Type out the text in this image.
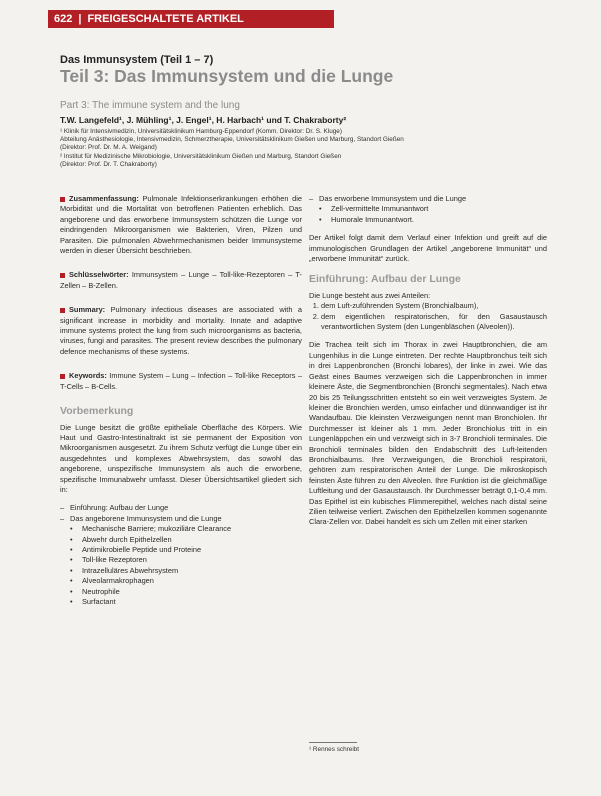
622 | FREIGESCHALTETE ARTIKEL
Das Immunsystem (Teil 1 – 7)
Teil 3: Das Immunsystem und die Lunge
Part 3: The immune system and the lung
T.W. Langefeld¹, J. Mühling¹, J. Engel¹, H. Harbach¹ und T. Chakraborty²

¹ Klinik für Intensivmedizin, Universitätsklinikum Hamburg-Eppendorf (Komm. Direktor: Dr. S. Kluge)

Abteilung Anästhesiologie, Intensivmedizin, Schmerztherapie, Universitätsklinikum Gießen und Marburg, Standort Gießen

(Direktor: Prof. Dr. M. A. Weigand)

² Institut für Medizinische Mikrobiologie, Universitätsklinikum Gießen und Marburg, Standort Gießen

(Direktor: Prof. Dr. T. Chakraborty)

Zusammenfassung: Pulmonale Infektionserkrankungen erhöhen die Morbidität und die Mortalität von betroffenen Patienten erheblich. Das angeborene und das erworbene Immunsystem schützen die Lunge vor eindringenden Mikroorganismen wie Bakterien, Viren, Pilzen und Parasiten. Die pulmonalen Abwehrmechanismen beider Immunsysteme werden in dieser Übersicht beschrieben.
Schlüsselwörter: Immunsystem – Lunge – Toll-like-Rezeptoren – T-Zellen – B-Zellen.
Summary: Pulmonary infectious diseases are associated with a significant increase in morbidity and mortality. Innate and adaptive immune systems protect the lung from such microorganisms as bacteria, viruses, fungi and parasites. The present review describes the pulmonary defence mechanisms of these systems.
Keywords: Immune System – Lung – Infection – Toll-like Receptors – T-Cells – B-Cells.
Vorbemerkung

Die Lunge besitzt die größte epitheliale Oberfläche des Körpers. Wie Haut und Gastro-Intestinaltrakt ist sie permanent der Exposition von Mikroorganismen ausgesetzt. Zu ihrem Schutz verfügt die Lunge über ein ausgedehntes und komplexes Abwehrsystem, das sowohl das angeborene, unspezifische Immunsystem als auch die erworbene, spezifische Immunabwehr umfasst. Dieser Übersichtsartikel gliedert sich in:

– Einführung: Aufbau der Lunge
– Das angeborene Immunsystem und die Lunge
• Mechanische Barriere; mukoziliäre Clearance
• Abwehr durch Epithelzellen
• Antimikrobielle Peptide und Proteine
• Toll-like Rezeptoren
• Intrazelluläres Abwehrsystem
• Alveolarmakrophagen
• Neutrophile
• Surfactant
– Das erworbene Immunsystem und die Lunge
• Zell-vermittelte Immunantwort
• Humorale Immunantwort.

Der Artikel folgt damit dem Verlauf einer Infektion und greift auf die immunologischen Grundlagen der Artikel „angeborene Immunität“ und „erworbene Immunität“ zurück.

Einführung: Aufbau der Lunge

Die Lunge besteht aus zwei Anteilen:

1. dem Luft-zuführenden System (Bronchialbaum),
2. dem eigentlichen respiratorischen, für den Gasaustausch verantwortlichen System (den Lungenbläschen (Alveolen)).

Die Trachea teilt sich im Thorax in zwei Hauptbronchien, die am Lungenhilus in die Lunge eintreten. Der rechte Hauptbronchus teilt sich in drei Lappenbronchen (Bronchi lobares), der linke in zwei. Wie das Geäst eines Baumes verzweigen sich die Lappenbronchen in immer kleinere Äste, die Segmentbronchien (Bronchi segmentales). Nach etwa 20 bis 25 Teilungsschritten entsteht so ein weit verzweigtes System. Je kleiner die Bronchien werden, umso einfacher und dünnwandiger ist ihr Wandaufbau. Die kleinsten Verzweigungen nennt man Bronchiolen. Ihr Durchmesser ist kleiner als 1 mm. Jeder Bronchiolus tritt in ein Lungenläppchen ein und verzweigt sich in 3-7 Bronchioli terminales. Die Bronchioli terminales bilden den Endabschnitt des Luft-leitenden Bronchialbaums. Ihre Verzweigungen, die Bronchioli respiratorii, gehören zum respiratorischen Anteil der Lunge. Die mikroskopisch feinsten Äste führen zu den Alveolen. Ihre Funktion ist die gleichmäßige Luftleitung und der Gasaustausch. Ihr Durchmesser beträgt 0,1-0,4 mm. Das Epithel ist ein kubisches Flimmerepithel, welches nach distal seine Zilien teilweise verliert. Zwischen den Epithelzellen kommen sogenannte Clara-Zellen vor. Dabei handelt es sich um Zellen mit einer starken

¹ Rennes schreibt
